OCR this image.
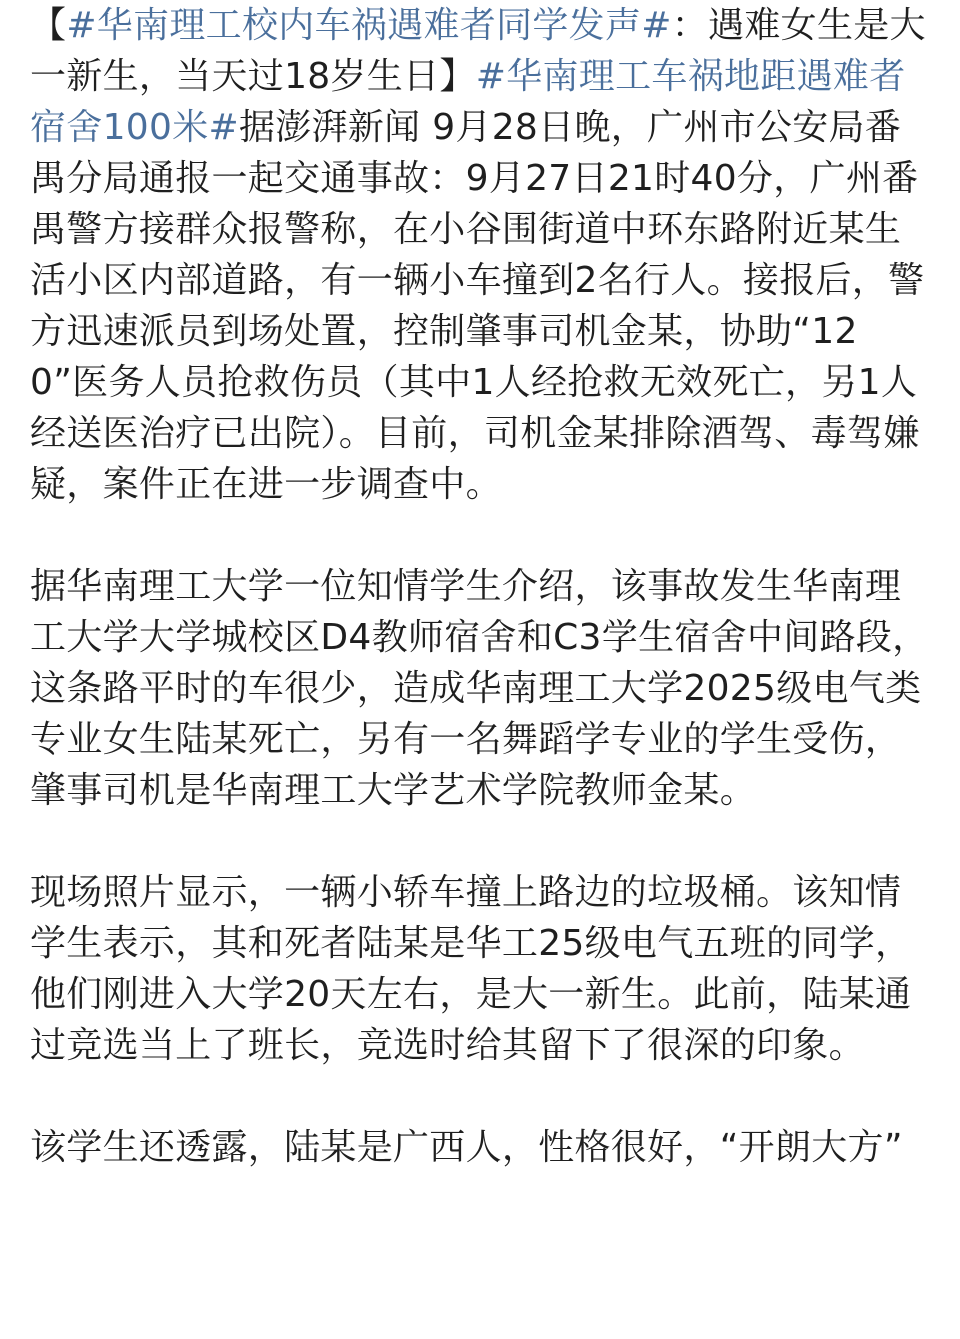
【#华南理工校内车祸遇难者同学发声#：遇难女生是大一新生，当天过18岁生日】#华南理工车祸地距遇难者宿舍100米#据澎湃新闻 9月28日晚，广州市公安局番禺分局通报一起交通事故：9月27日21时40分，广州番禺警方接群众报警称，在小谷围街道中环东路附近某生活小区内部道路，有一辆小车撞到2名行人。接报后，警方迅速派员到场处置，控制肇事司机金某，协助“120”医务人员抢救伤员（其中1人经抢救无效死亡，另1人经送医治疗已出院）。目前，司机金某排除酒驾、毒驾嫌疑，案件正在进一步调查中。

据华南理工大学一位知情学生介绍，该事故发生华南理工大学大学城校区D4教师宿舍和C3学生宿舍中间路段，这条路平时的车很少，造成华南理工大学2025级电气类专业女生陆某死亡，另有一名舞蹈学专业的学生受伤，肇事司机是华南理工大学艺术学院教师金某。

现场照片显示，一辆小轿车撞上路边的垃圾桶。该知情学生表示，其和死者陆某是华工25级电气五班的同学，他们刚进入大学20天左右，是大一新生。此前，陆某通过竞选当上了班长，竞选时给其留下了很深的印象。

该学生还透露，陆某是广西人，性格很好，“开朗大方”
